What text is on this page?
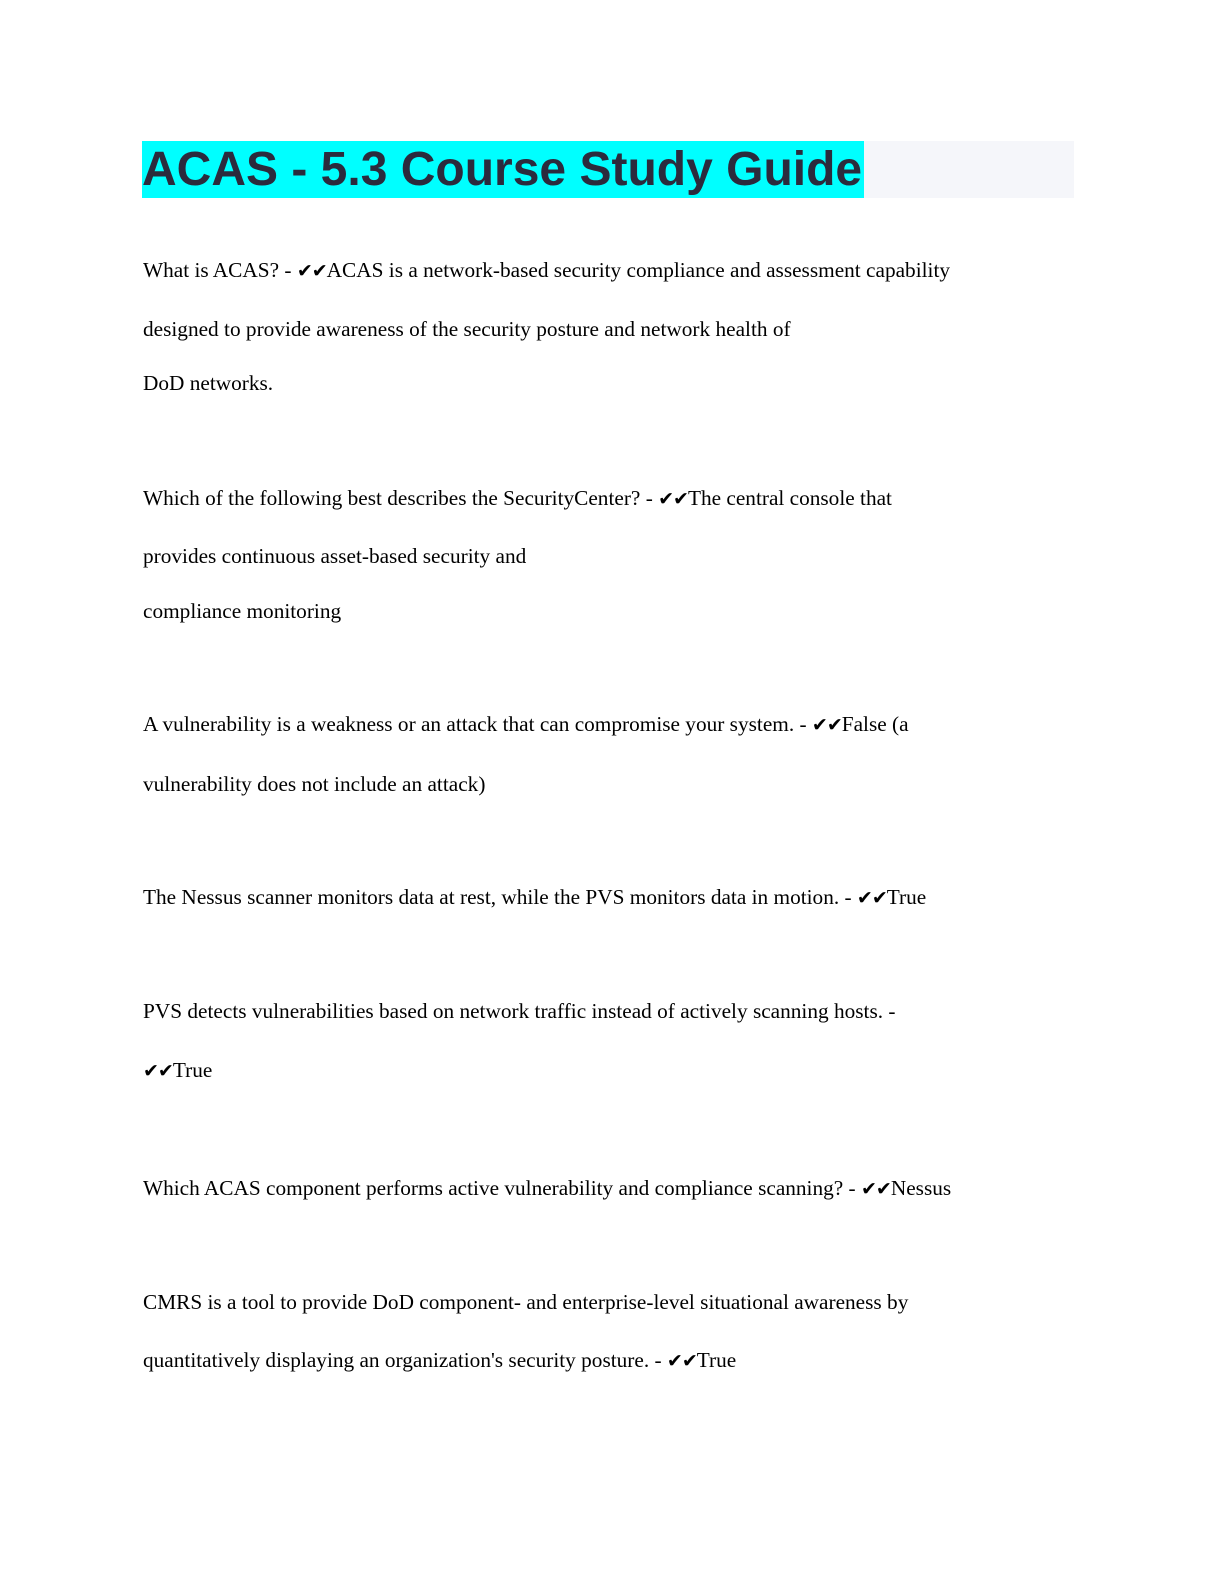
ACAS - 5.3 Course Study Guide
What is ACAS? - ✔✔ACAS is a network-based security compliance and assessment capability
designed to provide awareness of the security posture and network health of
DoD networks.
Which of the following best describes the SecurityCenter? - ✔✔The central console that
provides continuous asset-based security and
compliance monitoring
A vulnerability is a weakness or an attack that can compromise your system. - ✔✔False (a
vulnerability does not include an attack)
The Nessus scanner monitors data at rest, while the PVS monitors data in motion. - ✔✔True
PVS detects vulnerabilities based on network traffic instead of actively scanning hosts. -
✔✔True
Which ACAS component performs active vulnerability and compliance scanning? - ✔✔Nessus
CMRS is a tool to provide DoD component- and enterprise-level situational awareness by
quantitatively displaying an organization's security posture. - ✔✔True
